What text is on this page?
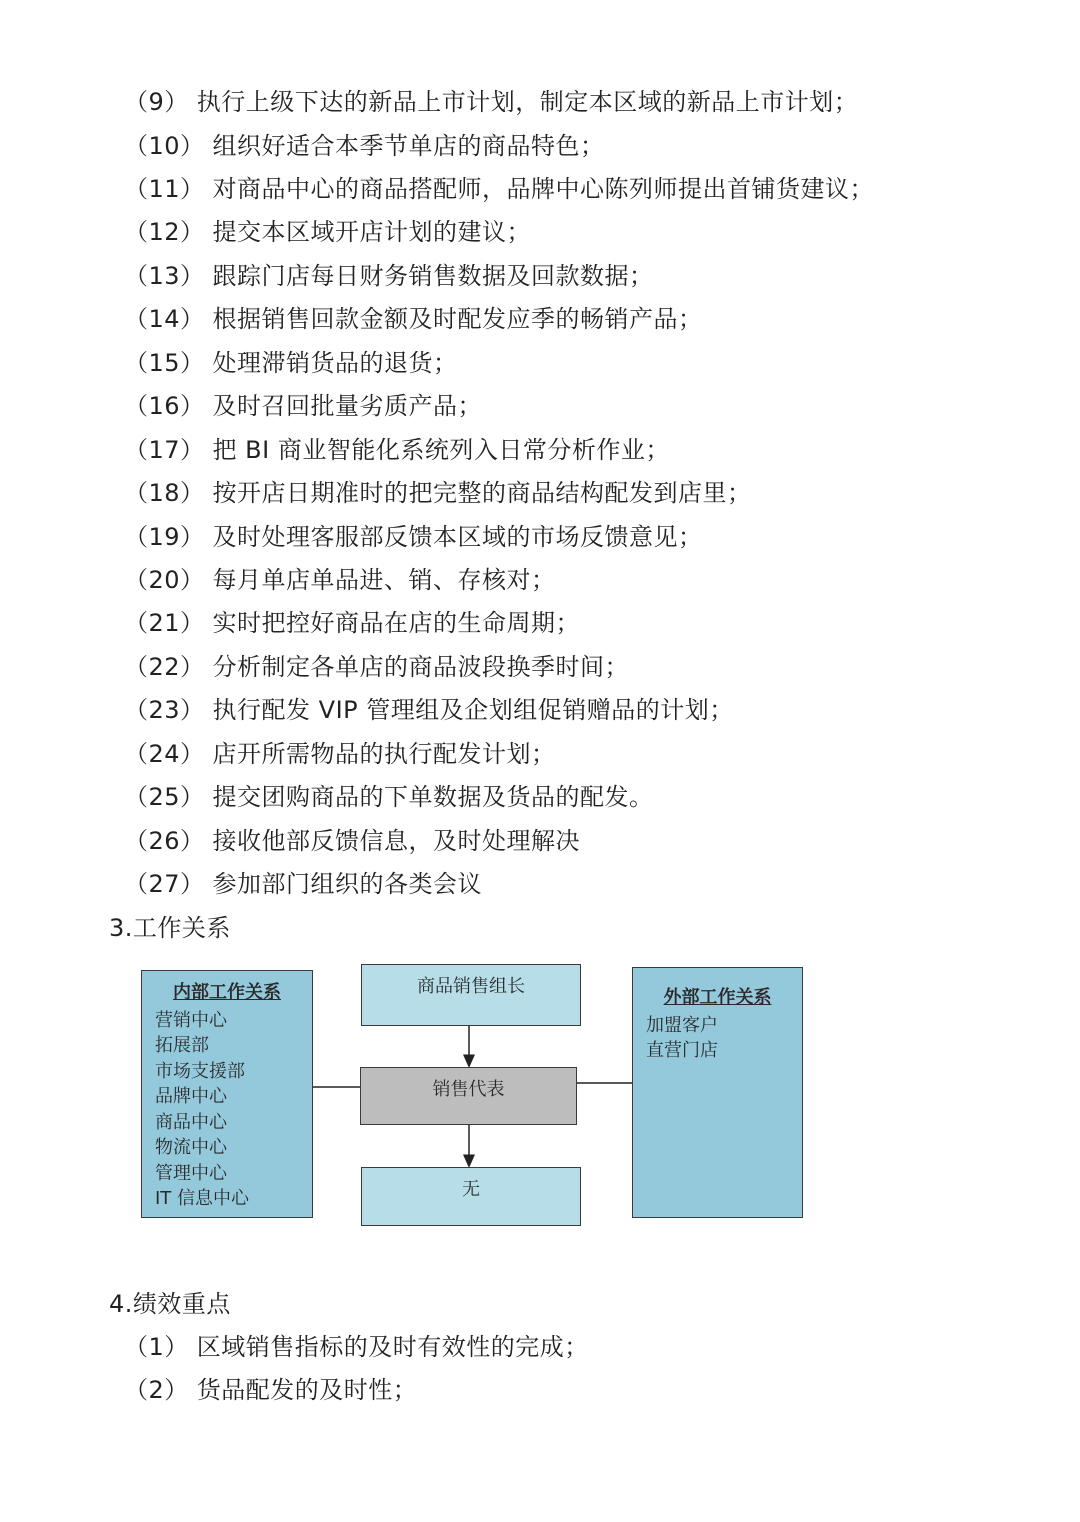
（9） 执行上级下达的新品上市计划，制定本区域的新品上市计划；
（10） 组织好适合本季节单店的商品特色；
（11） 对商品中心的商品搭配师，品牌中心陈列师提出首铺货建议；
（12） 提交本区域开店计划的建议；
（13） 跟踪门店每日财务销售数据及回款数据；
（14） 根据销售回款金额及时配发应季的畅销产品；
（15） 处理滞销货品的退货；
（16） 及时召回批量劣质产品；
（17） 把 BI 商业智能化系统列入日常分析作业；
（18） 按开店日期准时的把完整的商品结构配发到店里；
（19） 及时处理客服部反馈本区域的市场反馈意见；
（20） 每月单店单品进、销、存核对；
（21） 实时把控好商品在店的生命周期；
（22） 分析制定各单店的商品波段换季时间；
（23） 执行配发 VIP 管理组及企划组促销赠品的计划；
（24） 店开所需物品的执行配发计划；
（25） 提交团购商品的下单数据及货品的配发。
（26） 接收他部反馈信息，及时处理解决
（27） 参加部门组织的各类会议
3.工作关系
内部工作关系
营销中心
拓展部
市场支援部
品牌中心
商品中心
物流中心
管理中心
IT 信息中心
商品销售组长
销售代表
无
外部工作关系
加盟客户
直营门店
4.绩效重点
（1） 区域销售指标的及时有效性的完成；
（2） 货品配发的及时性；
